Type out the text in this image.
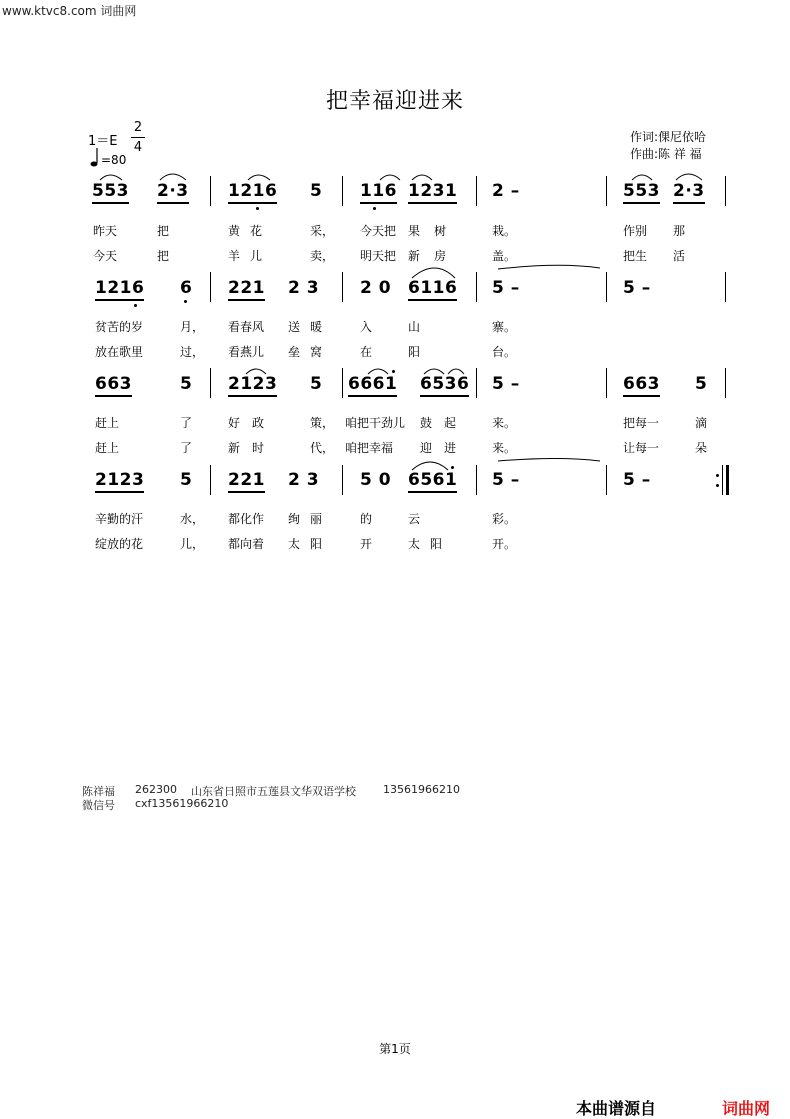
www.ktvc8.com 词曲网
把幸福迎进来
1＝E
2
4
=80
作词:倮尼依哈
作曲:陈 祥 福
553 2·3 1216 5 116 1231 2 –	553 2·3
昨天	把	黄花	采， 今天把 果树	栽。	作别 那
今天	把	羊儿	卖， 明天把 新房	盖。	把生 活
1216 6 221 2 3 2 0 6116 5 –	5 –
贫苦的岁	月， 看春风 送暖 入	山	寨。
放在歌里	过， 看燕儿 垒窝 在	阳	台。
663	5 2123 5 6661 6536 5 –	663 5
赶上	了	好政	策， 咱把干劲儿 鼓起 来。	把每一	滴
赶上	了	新时	代， 咱把幸福 迎进 来。	让每一	朵
2123 5 221 2 3 5 0 6561 5 –	5 –
辛勤的汗	水， 都化作 绚丽 的	云	彩。
绽放的花	儿， 都向着 太阳 开	太阳	开。
陈祥福 262300 山东省日照市五莲县文华双语学校 13561966210
微信号 cxf13561966210
第1页
本曲谱源自	词曲网
